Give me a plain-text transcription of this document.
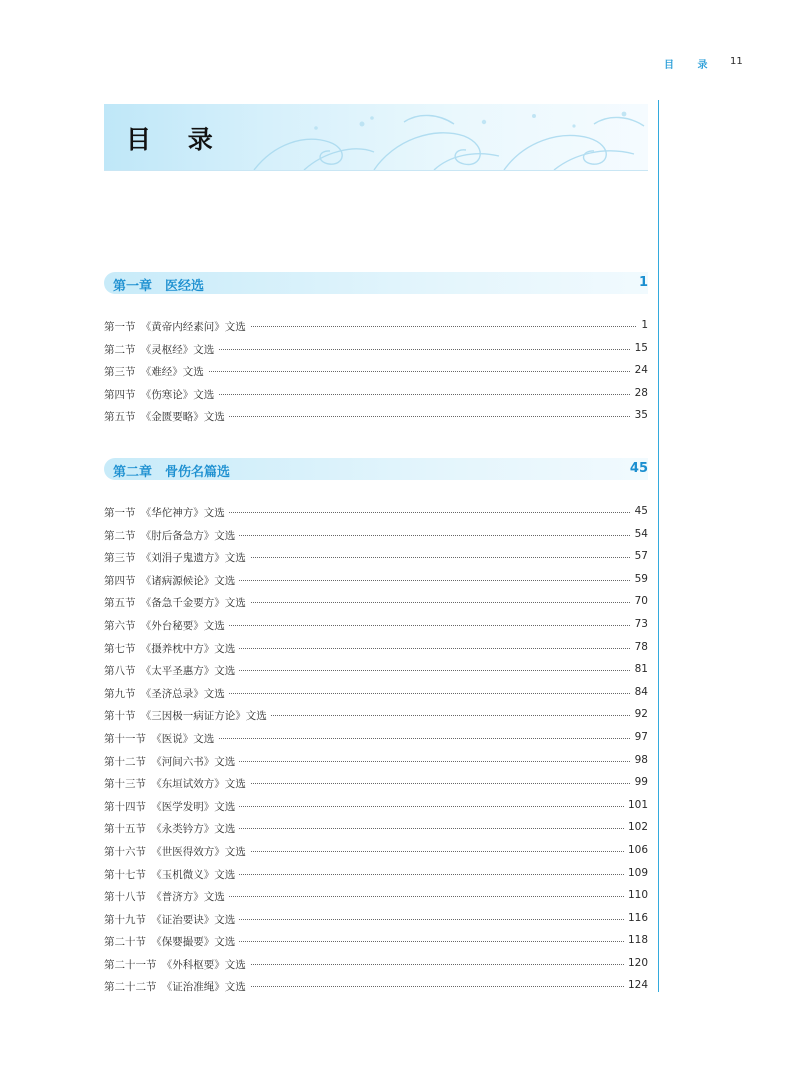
目 录 11
目 录
第一章　医经选	1
第一节　《黄帝内经素问》文选	1
第二节　《灵枢经》文选	15
第三节　《难经》文选	24
第四节　《伤寒论》文选	28
第五节　《金匮要略》文选	35
第二章　骨伤名篇选	45
第一节　《华佗神方》文选	45
第二节　《肘后备急方》文选	54
第三节　《刘涓子鬼遗方》文选	57
第四节　《诸病源候论》文选	59
第五节　《备急千金要方》文选	70
第六节　《外台秘要》文选	73
第七节　《摄养枕中方》文选	78
第八节　《太平圣惠方》文选	81
第九节　《圣济总录》文选	84
第十节　《三因极一病证方论》文选	92
第十一节　《医说》文选	97
第十二节　《河间六书》文选	98
第十三节　《东垣试效方》文选	99
第十四节　《医学发明》文选	101
第十五节　《永类钤方》文选	102
第十六节　《世医得效方》文选	106
第十七节　《玉机微义》文选	109
第十八节　《普济方》文选	110
第十九节　《证治要诀》文选	116
第二十节　《保婴撮要》文选	118
第二十一节　《外科枢要》文选	120
第二十二节　《证治准绳》文选	124
